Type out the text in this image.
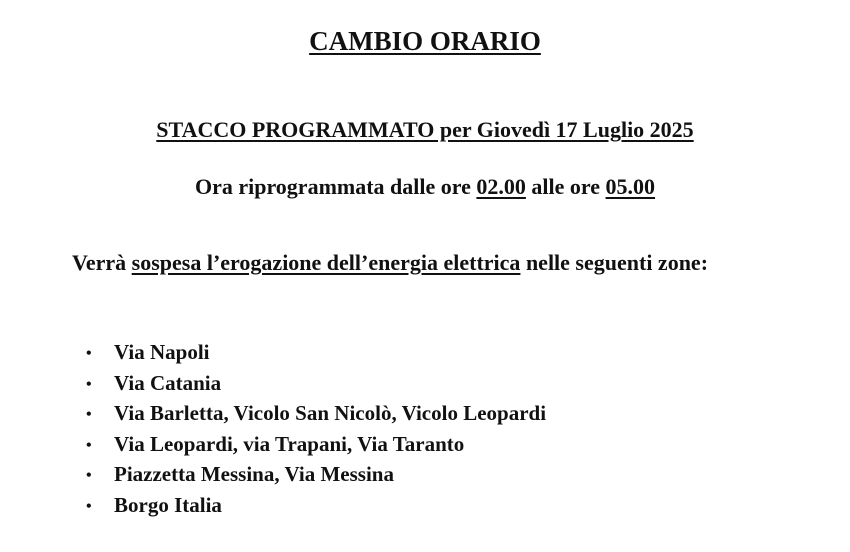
CAMBIO ORARIO
STACCO PROGRAMMATO per Giovedì 17 Luglio 2025
Ora riprogrammata dalle ore 02.00 alle ore 05.00
Verrà sospesa l’erogazione dell’energia elettrica nelle seguenti zone:
• Via Napoli
• Via Catania
• Via Barletta, Vicolo San Nicolò, Vicolo Leopardi
• Via Leopardi, via Trapani, Via Taranto
• Piazzetta Messina, Via Messina
• Borgo Italia
